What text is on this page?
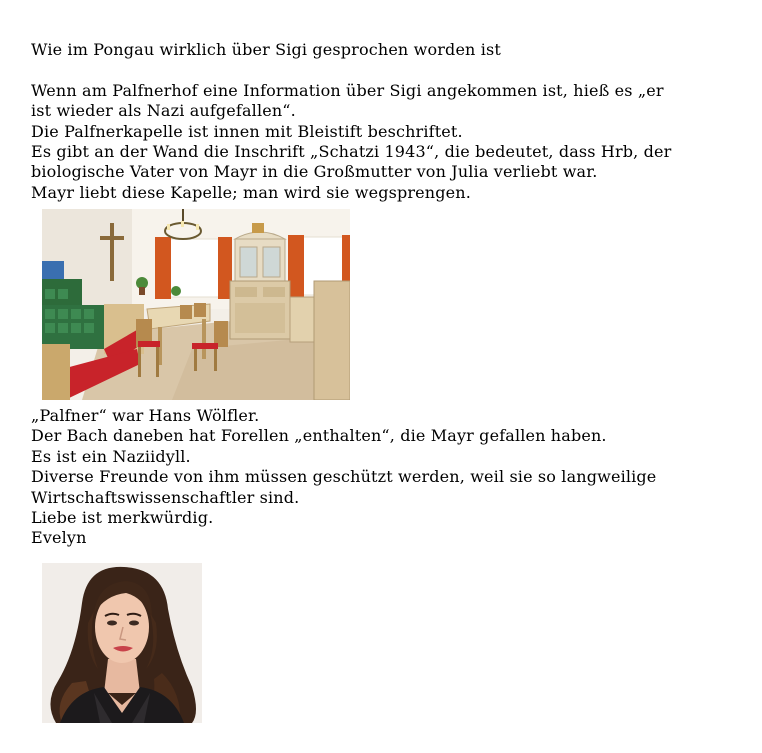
Wie im Pongau wirklich über Sigi gesprochen worden ist
Wenn am Palfnerhof eine Information über Sigi angekommen ist, hieß es „er
ist wieder als Nazi aufgefallen“.
Die Palfnerkapelle ist innen mit Bleistift beschriftet.
Es gibt an der Wand die Inschrift „Schatzi 1943“, die bedeutet, dass Hrb, der
biologische Vater von Mayr in die Großmutter von Julia verliebt war.
Mayr liebt diese Kapelle; man wird sie wegsprengen.
„Palfner“ war Hans Wölfler.
Der Bach daneben hat Forellen „enthalten“, die Mayr gefallen haben.
Es ist ein Naziidyll.
Diverse Freunde von ihm müssen geschützt werden, weil sie so langweilige
Wirtschaftswissenschaftler sind.
Liebe ist merkwürdig.
Evelyn
